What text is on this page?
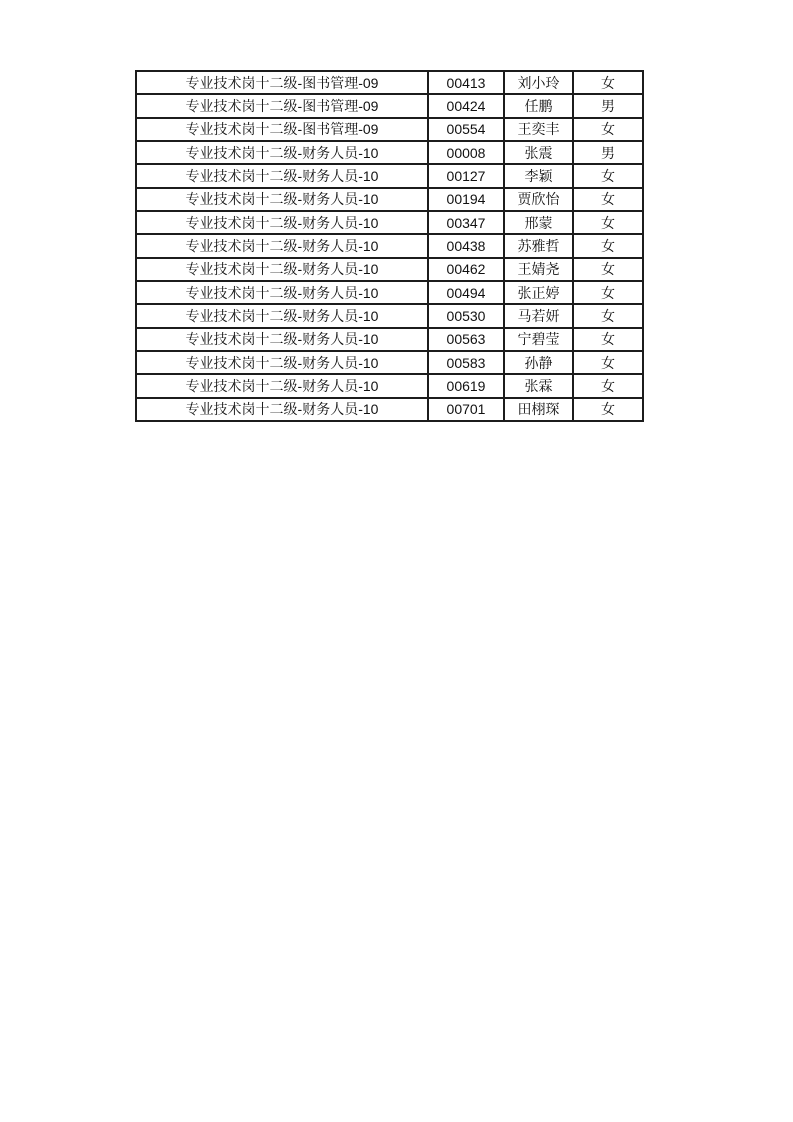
专业技术岗十二级-图书管理-09	00413	刘小玲	女
专业技术岗十二级-图书管理-09	00424	任鹏	男
专业技术岗十二级-图书管理-09	00554	王奕丰	女
专业技术岗十二级-财务人员-10	00008	张震	男
专业技术岗十二级-财务人员-10	00127	李颖	女
专业技术岗十二级-财务人员-10	00194	贾欣怡	女
专业技术岗十二级-财务人员-10	00347	邢蒙	女
专业技术岗十二级-财务人员-10	00438	苏雅哲	女
专业技术岗十二级-财务人员-10	00462	王婧尧	女
专业技术岗十二级-财务人员-10	00494	张正婷	女
专业技术岗十二级-财务人员-10	00530	马若妍	女
专业技术岗十二级-财务人员-10	00563	宁碧莹	女
专业技术岗十二级-财务人员-10	00583	孙静	女
专业技术岗十二级-财务人员-10	00619	张霖	女
专业技术岗十二级-财务人员-10	00701	田栩琛	女
